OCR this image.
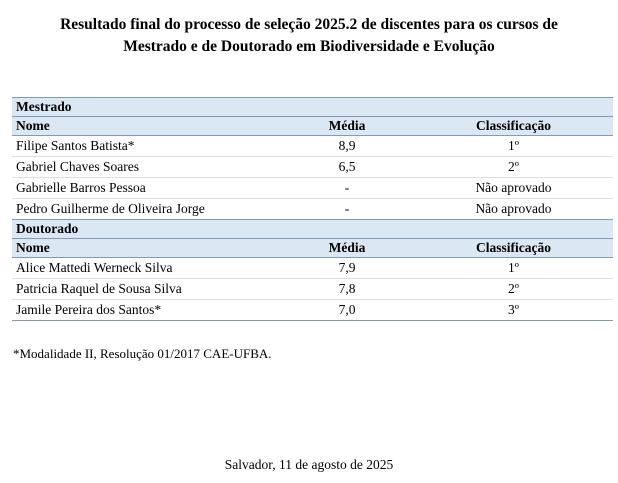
Resultado final do processo de seleção 2025.2 de discentes para os cursos de
Mestrado e de Doutorado em Biodiversidade e Evolução
Mestrado		
Nome	Média	Classificação
Filipe Santos Batista*	8,9	1º
Gabriel Chaves Soares	6,5	2º
Gabrielle Barros Pessoa	-	Não aprovado
Pedro Guilherme de Oliveira Jorge	-	Não aprovado
Doutorado		
Nome	Média	Classificação
Alice Mattedi Werneck Silva	7,9	1º
Patricia Raquel de Sousa Silva	7,8	2º
Jamile Pereira dos Santos*	7,0	3º
*Modalidade II, Resolução 01/2017 CAE-UFBA.
Salvador, 11 de agosto de 2025
